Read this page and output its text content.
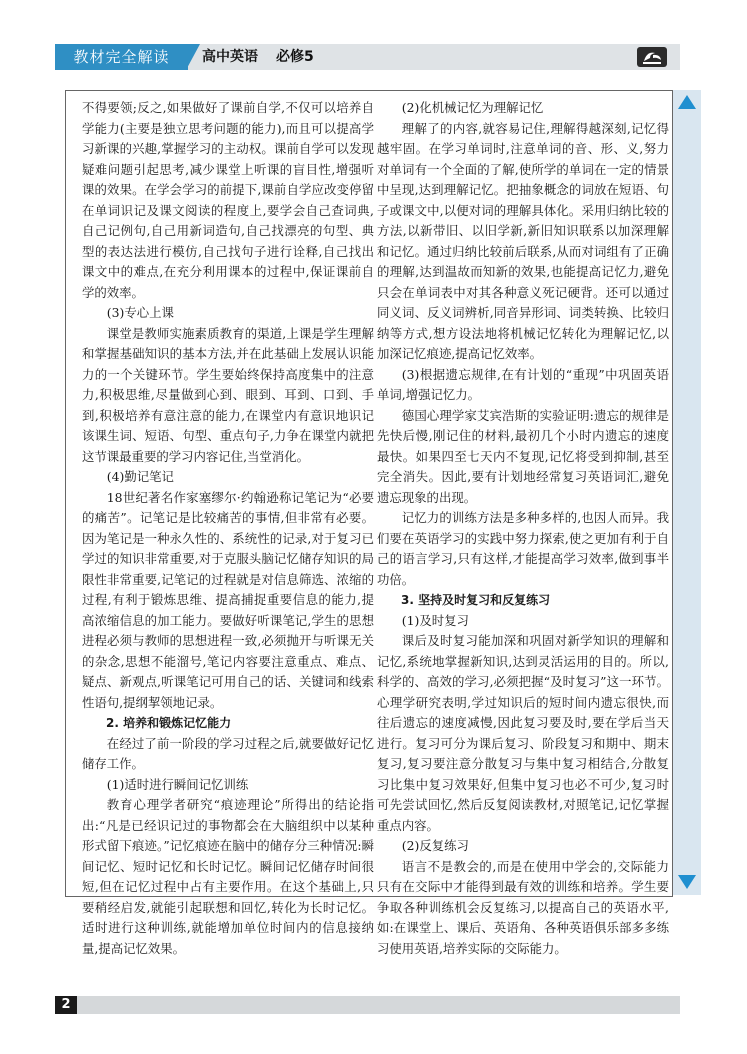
教材完全解读	高中英语 必修5

不得要领;反之,如果做好了课前自学,不仅可以培养自学能力(主要是独立思考问题的能力),而且可以提高学习新课的兴趣,掌握学习的主动权。课前自学可以发现疑难问题引起思考,减少课堂上听课的盲目性,增强听课的效果。在学会学习的前提下,课前自学应改变停留在单词识记及课文阅读的程度上,要学会自己查词典,自己记例句,自己用新词造句,自己找漂亮的句型、典型的表达法进行模仿,自己找句子进行诠释,自己找出课文中的难点,在充分利用课本的过程中,保证课前自学的效率。

(3)专心上课

课堂是教师实施素质教育的渠道,上课是学生理解和掌握基础知识的基本方法,并在此基础上发展认识能力的一个关键环节。学生要始终保持高度集中的注意力,积极思维,尽量做到心到、眼到、耳到、口到、手到,积极培养有意注意的能力,在课堂内有意识地识记该课生词、短语、句型、重点句子,力争在课堂内就把这节课最重要的学习内容记住,当堂消化。

(4)勤记笔记

18世纪著名作家塞缪尔·约翰逊称记笔记为“必要的痛苦”。记笔记是比较痛苦的事情,但非常有必要。因为笔记是一种永久性的、系统性的记录,对于复习已学过的知识非常重要,对于克服头脑记忆储存知识的局限性非常重要,记笔记的过程就是对信息筛选、浓缩的过程,有利于锻炼思维、提高捕捉重要信息的能力,提高浓缩信息的加工能力。要做好听课笔记,学生的思想进程必须与教师的思想进程一致,必须抛开与听课无关的杂念,思想不能溜号,笔记内容要注意重点、难点、疑点、新观点,听课笔记可用自己的话、关键词和线索性语句,提纲挈领地记录。

2. 培养和锻炼记忆能力

在经过了前一阶段的学习过程之后,就要做好记忆储存工作。

(1)适时进行瞬间记忆训练

教育心理学者研究“痕迹理论”所得出的结论指出:“凡是已经识记过的事物都会在大脑组织中以某种形式留下痕迹。”记忆痕迹在脑中的储存分三种情况:瞬间记忆、短时记忆和长时记忆。瞬间记忆储存时间很短,但在记忆过程中占有主要作用。在这个基础上,只要稍经启发,就能引起联想和回忆,转化为长时记忆。适时进行这种训练,就能增加单位时间内的信息接纳量,提高记忆效果。

(2)化机械记忆为理解记忆

理解了的内容,就容易记住,理解得越深刻,记忆得越牢固。在学习单词时,注意单词的音、形、义,努力对单词有一个全面的了解,使所学的单词在一定的情景中呈现,达到理解记忆。把抽象概念的词放在短语、句子或课文中,以便对词的理解具体化。采用归纳比较的方法,以新带旧、以旧学新,新旧知识联系以加深理解和记忆。通过归纳比较前后联系,从而对词组有了正确的理解,达到温故而知新的效果,也能提高记忆力,避免只会在单词表中对其各种意义死记硬背。还可以通过同义词、反义词辨析,同音异形词、词类转换、比较归纳等方式,想方设法地将机械记忆转化为理解记忆,以加深记忆痕迹,提高记忆效率。

(3)根据遗忘规律,在有计划的“重现”中巩固英语单词,增强记忆力。

德国心理学家艾宾浩斯的实验证明:遗忘的规律是先快后慢,刚记住的材料,最初几个小时内遗忘的速度最快。如果四至七天内不复现,记忆将受到抑制,甚至完全消失。因此,要有计划地经常复习英语词汇,避免遗忘现象的出现。

记忆力的训练方法是多种多样的,也因人而异。我们要在英语学习的实践中努力探索,使之更加有利于自己的语言学习,只有这样,才能提高学习效率,做到事半功倍。

3. 坚持及时复习和反复练习

(1)及时复习

课后及时复习能加深和巩固对新学知识的理解和记忆,系统地掌握新知识,达到灵活运用的目的。所以,科学的、高效的学习,必须把握“及时复习”这一环节。心理学研究表明,学过知识后的短时间内遗忘很快,而往后遗忘的速度减慢,因此复习要及时,要在学后当天进行。复习可分为课后复习、阶段复习和期中、期末复习,复习要注意分散复习与集中复习相结合,分散复习比集中复习效果好,但集中复习也必不可少,复习时可先尝试回忆,然后反复阅读教材,对照笔记,记忆掌握重点内容。

(2)反复练习

语言不是教会的,而是在使用中学会的,交际能力只有在交际中才能得到最有效的训练和培养。学生要争取各种训练机会反复练习,以提高自己的英语水平,如:在课堂上、课后、英语角、各种英语俱乐部多多练习使用英语,培养实际的交际能力。

2
